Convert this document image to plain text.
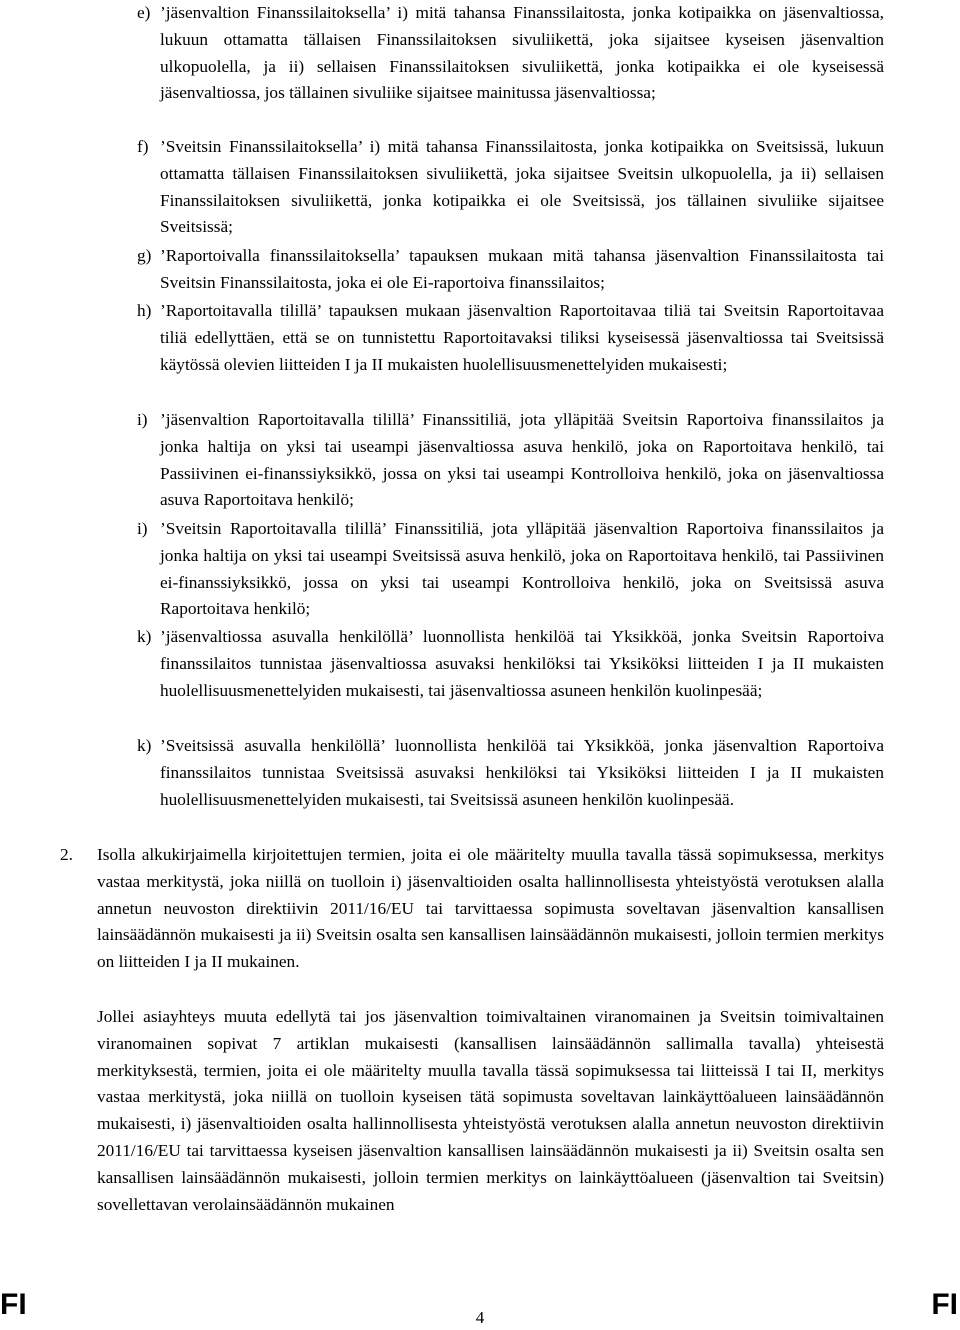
e) ’jäsenvaltion Finanssilaitoksella’ i) mitä tahansa Finanssilaitosta, jonka kotipaikka on jäsenvaltiossa, lukuun ottamatta tällaisen Finanssilaitoksen sivuliikettä, joka sijaitsee kyseisen jäsenvaltion ulkopuolella, ja ii) sellaisen Finanssilaitoksen sivuliikettä, jonka kotipaikka ei ole kyseisessä jäsenvaltiossa, jos tällainen sivuliike sijaitsee mainitussa jäsenvaltiossa;
f) ’Sveitsin Finanssilaitoksella’ i) mitä tahansa Finanssilaitosta, jonka kotipaikka on Sveitsissä, lukuun ottamatta tällaisen Finanssilaitoksen sivuliikettä, joka sijaitsee Sveitsin ulkopuolella, ja ii) sellaisen Finanssilaitoksen sivuliikettä, jonka kotipaikka ei ole Sveitsissä, jos tällainen sivuliike sijaitsee Sveitsissä;
g) ’Raportoivalla finanssilaitoksella’ tapauksen mukaan mitä tahansa jäsenvaltion Finanssilaitosta tai Sveitsin Finanssilaitosta, joka ei ole Ei-raportoiva finanssilaitos;
h) ’Raportoitavalla tilillä’ tapauksen mukaan jäsenvaltion Raportoitavaa tiliä tai Sveitsin Raportoitavaa tiliä edellyttäen, että se on tunnistettu Raportoitavaksi tiliksi kyseisessä jäsenvaltiossa tai Sveitsissä käytössä olevien liitteiden I ja II mukaisten huolellisuusmenettelyiden mukaisesti;
i) ’jäsenvaltion Raportoitavalla tilillä’ Finanssitiliä, jota ylläpitää Sveitsin Raportoiva finanssilaitos ja jonka haltija on yksi tai useampi jäsenvaltiossa asuva henkilö, joka on Raportoitava henkilö, tai Passiivinen ei-finanssiyksikkö, jossa on yksi tai useampi Kontrolloiva henkilö, joka on jäsenvaltiossa asuva Raportoitava henkilö;
i) ’Sveitsin Raportoitavalla tilillä’ Finanssitiliä, jota ylläpitää jäsenvaltion Raportoiva finanssilaitos ja jonka haltija on yksi tai useampi Sveitsissä asuva henkilö, joka on Raportoitava henkilö, tai Passiivinen ei-finanssiyksikkö, jossa on yksi tai useampi Kontrolloiva henkilö, joka on Sveitsissä asuva Raportoitava henkilö;
k) ’jäsenvaltiossa asuvalla henkilöllä’ luonnollista henkilöä tai Yksikköä, jonka Sveitsin Raportoiva finanssilaitos tunnistaa jäsenvaltiossa asuvaksi henkilöksi tai Yksiköksi liitteiden I ja II mukaisten huolellisuusmenettelyiden mukaisesti, tai jäsenvaltiossa asuneen henkilön kuolinpesää;
k) ’Sveitsissä asuvalla henkilöllä’ luonnollista henkilöä tai Yksikköä, jonka jäsenvaltion Raportoiva finanssilaitos tunnistaa Sveitsissä asuvaksi henkilöksi tai Yksiköksi liitteiden I ja II mukaisten huolellisuusmenettelyiden mukaisesti, tai Sveitsissä asuneen henkilön kuolinpesää.
2. Isolla alkukirjaimella kirjoitettujen termien, joita ei ole määritelty muulla tavalla tässä sopimuksessa, merkitys vastaa merkitystä, joka niillä on tuolloin i) jäsenvaltioiden osalta hallinnollisesta yhteistyöstä verotuksen alalla annetun neuvoston direktiivin 2011/16/EU tai tarvittaessa sopimusta soveltavan jäsenvaltion kansallisen lainsäädännön mukaisesti ja ii) Sveitsin osalta sen kansallisen lainsäädännön mukaisesti, jolloin termien merkitys on liitteiden I ja II mukainen.
Jollei asiayhteys muuta edellytä tai jos jäsenvaltion toimivaltainen viranomainen ja Sveitsin toimivaltainen viranomainen sopivat 7 artiklan mukaisesti (kansallisen lainsäädännön sallimalla tavalla) yhteisestä merkityksestä, termien, joita ei ole määritelty muulla tavalla tässä sopimuksessa tai liitteissä I tai II, merkitys vastaa merkitystä, joka niillä on tuolloin kyseisen tätä sopimusta soveltavan lainkäyttöalueen lainsäädännön mukaisesti, i) jäsenvaltioiden osalta hallinnollisesta yhteistyöstä verotuksen alalla annetun neuvoston direktiivin 2011/16/EU tai tarvittaessa kyseisen jäsenvaltion kansallisen lainsäädännön mukaisesti ja ii) Sveitsin osalta sen kansallisen lainsäädännön mukaisesti, jolloin termien merkitys on lainkäyttöalueen (jäsenvaltion tai Sveitsin) sovellettavan verolainsäädännön mukainen
FI	4	FI
